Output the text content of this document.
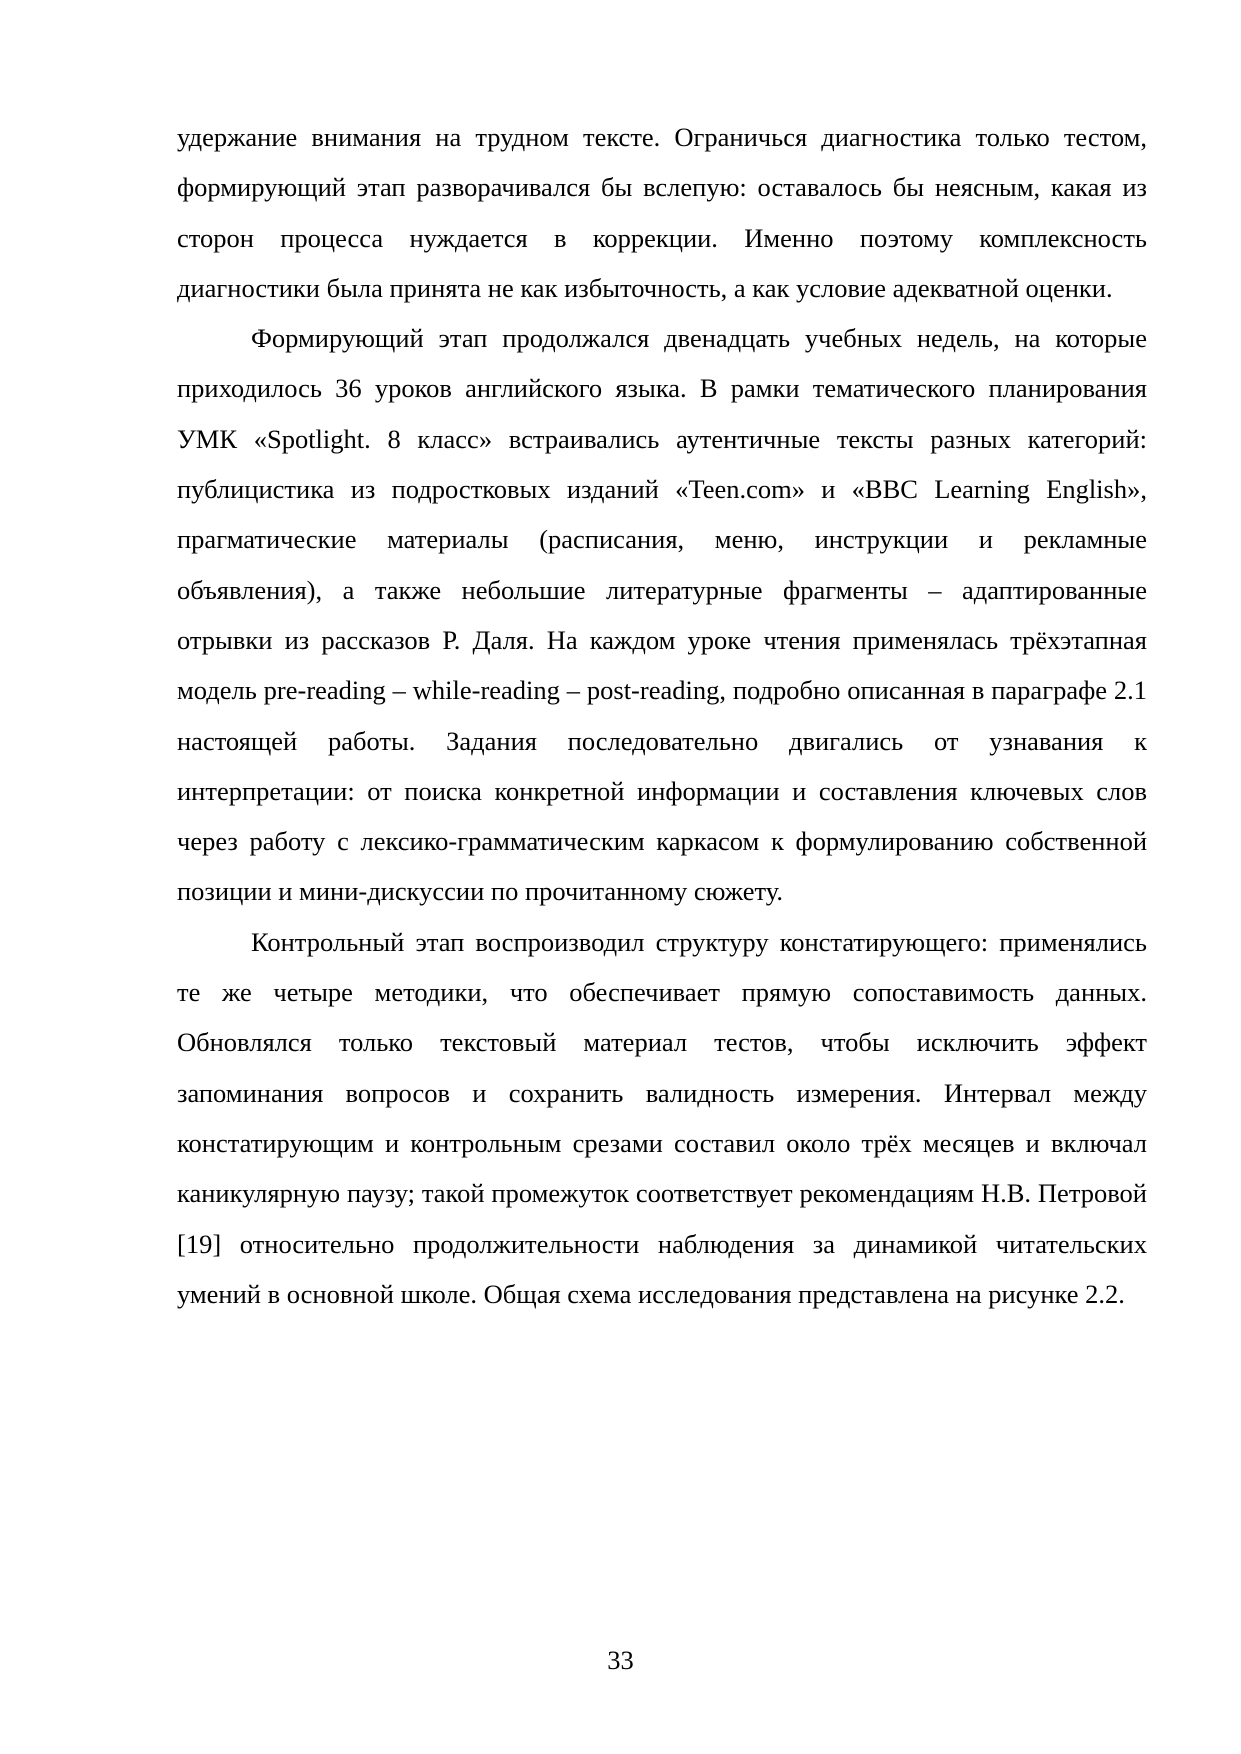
удержание внимания на трудном тексте. Ограничься диагностика только тестом, формирующий этап разворачивался бы вслепую: оставалось бы неясным, какая из сторон процесса нуждается в коррекции. Именно поэтому комплексность диагностики была принята не как избыточность, а как условие адекватной оценки.

Формирующий этап продолжался двенадцать учебных недель, на которые приходилось 36 уроков английского языка. В рамки тематического планирования УМК «Spotlight. 8 класс» встраивались аутентичные тексты разных категорий: публицистика из подростковых изданий «Teen.com» и «BBC Learning English», прагматические материалы (расписания, меню, инструкции и рекламные объявления), а также небольшие литературные фрагменты – адаптированные отрывки из рассказов Р. Даля. На каждом уроке чтения применялась трёхэтапная модель pre-reading – while-reading – post-reading, подробно описанная в параграфе 2.1 настоящей работы. Задания последовательно двигались от узнавания к интерпретации: от поиска конкретной информации и составления ключевых слов через работу с лексико-грамматическим каркасом к формулированию собственной позиции и мини-дискуссии по прочитанному сюжету.

Контрольный этап воспроизводил структуру констатирующего: применялись те же четыре методики, что обеспечивает прямую сопоставимость данных. Обновлялся только текстовый материал тестов, чтобы исключить эффект запоминания вопросов и сохранить валидность измерения. Интервал между констатирующим и контрольным срезами составил около трёх месяцев и включал каникулярную паузу; такой промежуток соответствует рекомендациям Н.В. Петровой [19] относительно продолжительности наблюдения за динамикой читательских умений в основной школе. Общая схема исследования представлена на рисунке 2.2.

33
